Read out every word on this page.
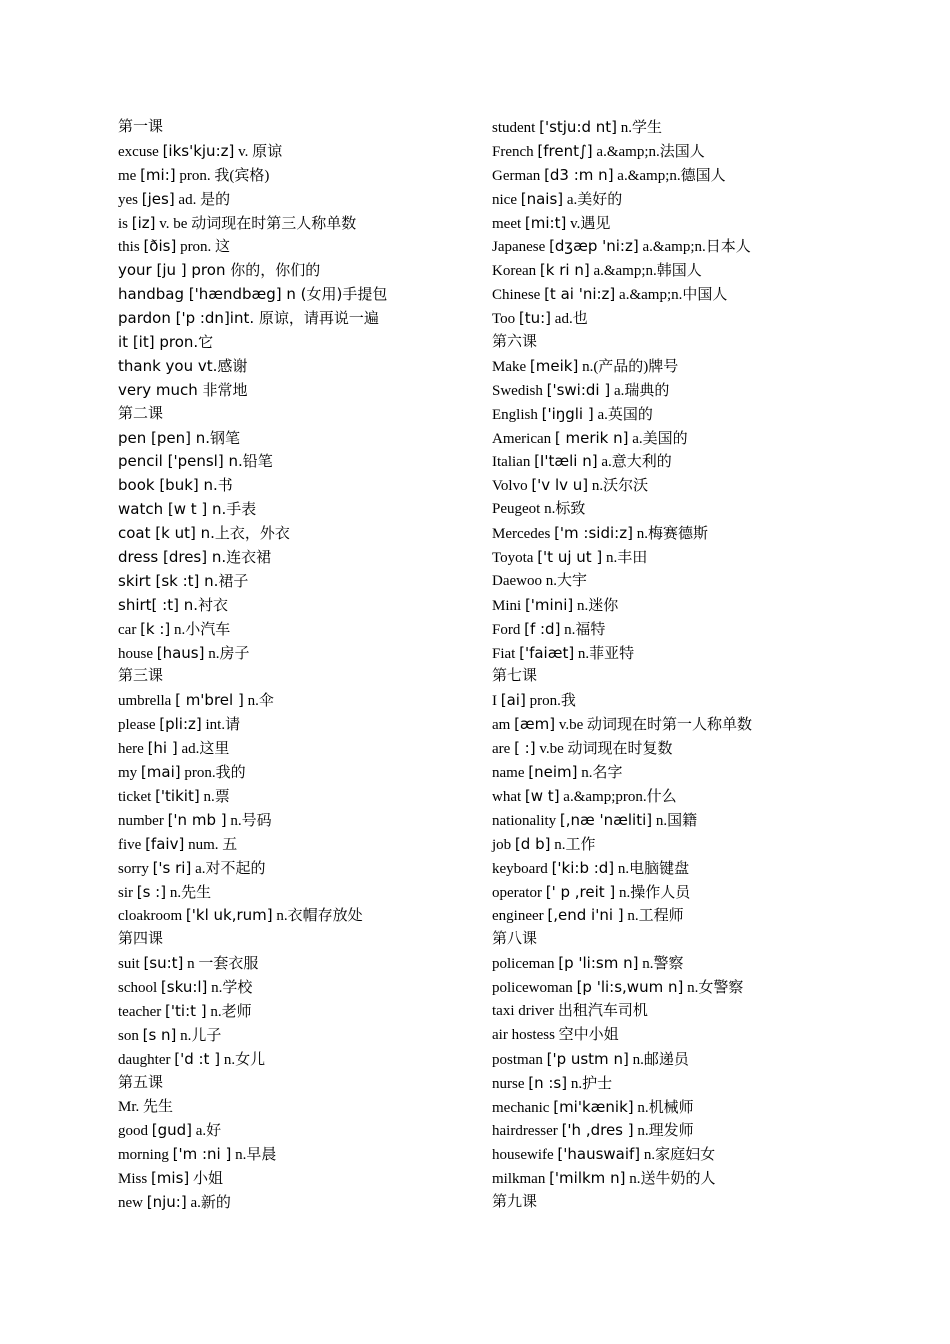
第一课
excuse [iks'kju:z] v. 原谅
me [mi:] pron. 我(宾格)
yes [jes] ad. 是的
is [iz] v. be 动词现在时第三人称单数
this [ðis] pron. 这
your [ju ] pron 你的，你们的
handbag ['hændbæg] n (女用)手提包
pardon ['p :dn]int. 原谅，请再说一遍
it [it] pron.它
thank you vt.感谢
very much 非常地
第二课
pen [pen] n.钢笔
pencil ['pensl] n.铅笔
book [buk] n.书
watch [w t ] n.手表
coat [k ut] n.上衣，外衣
dress [dres] n.连衣裙
skirt [sk :t] n.裙子
shirt[ :t] n.衬衣
car [k :] n.小汽车
house [haus] n.房子
第三课
umbrella [ m'brel ] n.伞
please [pli:z] int.请
here [hi ] ad.这里
my [mai] pron.我的
ticket ['tikit] n.票
number ['n mb ] n.号码
five [faiv] num. 五
sorry ['s ri] a.对不起的
sir [s :] n.先生
cloakroom ['kl uk,rum] n.衣帽存放处
第四课
suit [su:t] n 一套衣服
school [sku:l] n.学校
teacher ['ti:t ] n.老师
son [s n] n.儿子
daughter ['d :t ] n.女儿
第五课
Mr. 先生
good [gud] a.好
morning ['m :ni ] n.早晨
Miss [mis] 小姐
new [nju:] a.新的
student ['stju:d nt] n.学生
French [frent∫] a.&amp;n.法国人
German [d3 :m n] a.&amp;n.德国人
nice [nais] a.美好的
meet [mi:t] v.遇见
Japanese [dʒæp 'ni:z] a.&amp;n.日本人
Korean [k ri n] a.&amp;n.韩国人
Chinese [t ai 'ni:z] a.&amp;n.中国人
Too [tu:] ad.也
第六课
Make [meik] n.(产品的)牌号
Swedish ['swi:di ] a.瑞典的
English ['iŋgli ] a.英国的
American [ merik n] a.美国的
Italian [I'tæli n] a.意大利的
Volvo ['v lv u] n.沃尔沃
Peugeot n.标致
Mercedes ['m :sidi:z] n.梅赛德斯
Toyota ['t uj ut ] n.丰田
Daewoo n.大宇
Mini ['mini] n.迷你
Ford [f :d] n.福特
Fiat ['faiæt] n.菲亚特
第七课
I [ai] pron.我
am [æm] v.be 动词现在时第一人称单数
are [ :] v.be 动词现在时复数
name [neim] n.名字
what [w t] a.&amp;pron.什么
nationality [,næ 'næliti] n.国籍
job [d b] n.工作
keyboard ['ki:b :d] n.电脑键盘
operator [' p ,reit ] n.操作人员
engineer [,end i'ni ] n.工程师
第八课
policeman [p 'li:sm n] n.警察
policewoman [p 'li:s,wum n] n.女警察
taxi driver 出租汽车司机
air hostess 空中小姐
postman ['p ustm n] n.邮递员
nurse [n :s] n.护士
mechanic [mi'kænik] n.机械师
hairdresser ['h ,dres ] n.理发师
housewife ['hauswaif] n.家庭妇女
milkman ['milkm n] n.送牛奶的人
第九课
